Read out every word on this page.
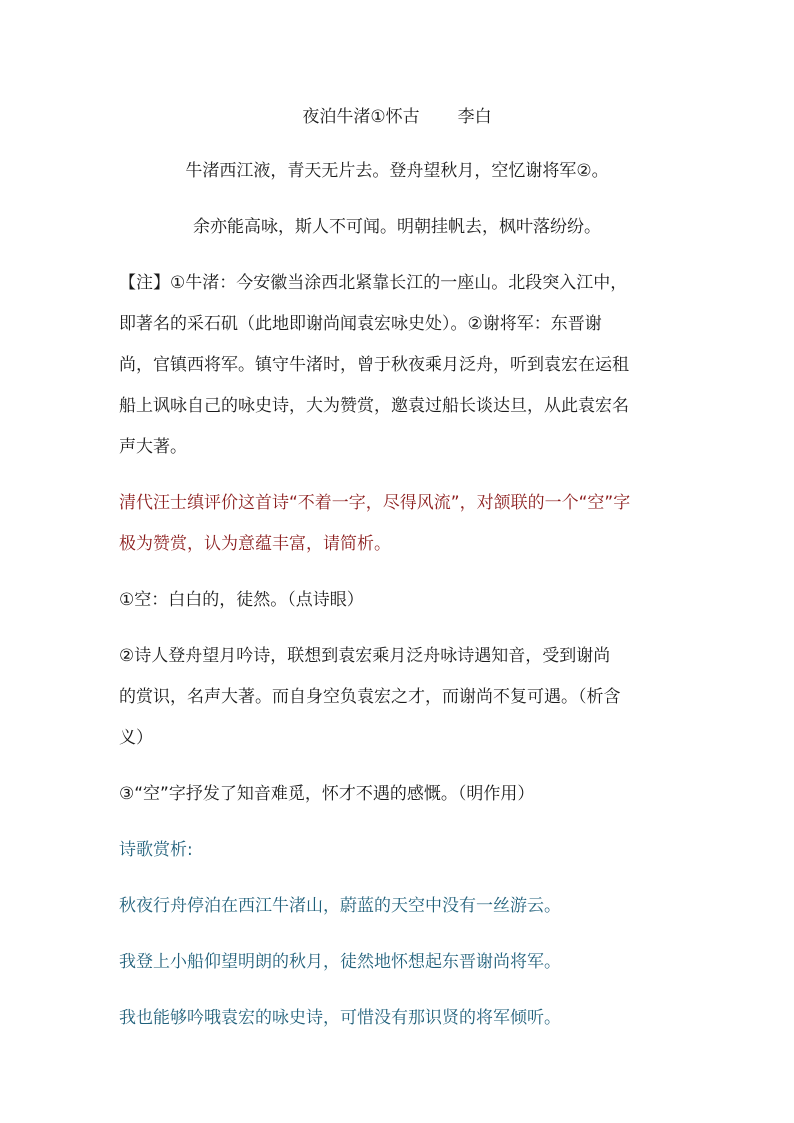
夜泊牛渚①怀古 李白
牛渚西江液，青天无片去。登舟望秋月，空忆谢将军②。
余亦能高咏，斯人不可闻。明朝挂帆去，枫叶落纷纷。
【注】①牛渚：今安徽当涂西北紧靠长江的一座山。北段突入江中，
即著名的采石矶（此地即谢尚闻袁宏咏史处）。②谢将军：东晋谢
尚，官镇西将军。镇守牛渚时，曾于秋夜乘月泛舟，听到袁宏在运租
船上讽咏自己的咏史诗，大为赞赏，邀袁过船长谈达旦，从此袁宏名
声大著。
清代汪士缜评价这首诗“不着一字，尽得风流”，对颔联的一个“空”字
极为赞赏，认为意蕴丰富，请简析。
①空：白白的，徒然。（点诗眼）
②诗人登舟望月吟诗，联想到袁宏乘月泛舟咏诗遇知音，受到谢尚
的赏识，名声大著。而自身空负袁宏之才，而谢尚不复可遇。（析含
义）
③“空”字抒发了知音难觅，怀才不遇的感慨。（明作用）
诗歌赏析:
秋夜行舟停泊在西江牛渚山，蔚蓝的天空中没有一丝游云。
我登上小船仰望明朗的秋月，徒然地怀想起东晋谢尚将军。
我也能够吟哦袁宏的咏史诗，可惜没有那识贤的将军倾听。
